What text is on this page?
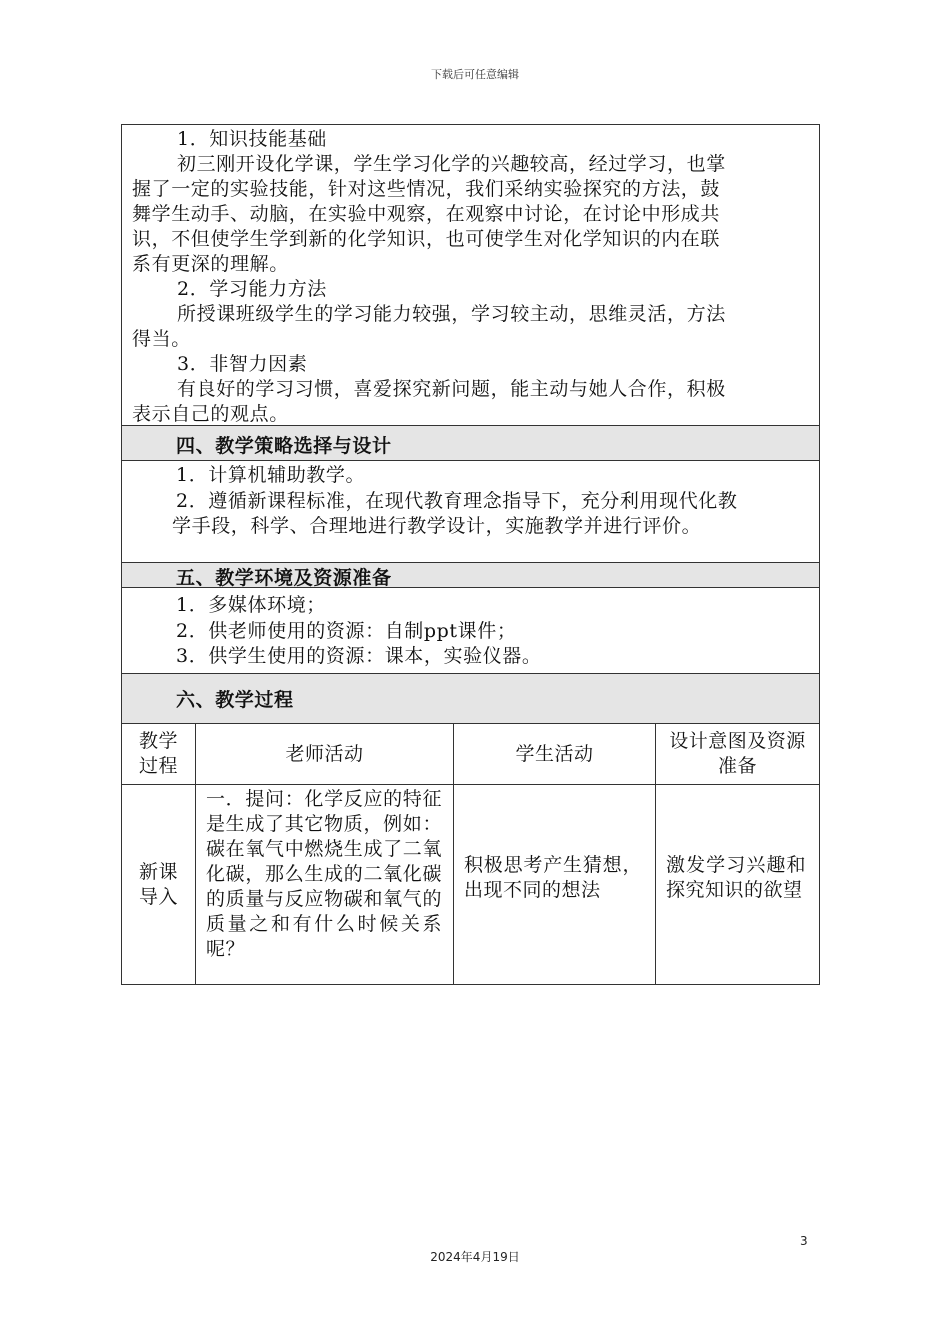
下载后可任意编辑
1．知识技能基础
初三刚开设化学课，学生学习化学的兴趣较高，经过学习，也掌
握了一定的实验技能，针对这些情况，我们采纳实验探究的方法，鼓
舞学生动手、动脑，在实验中观察，在观察中讨论，在讨论中形成共
识，不但使学生学到新的化学知识，也可使学生对化学知识的内在联
系有更深的理解。
2．学习能力方法
所授课班级学生的学习能力较强，学习较主动，思维灵活，方法
得当。
3．非智力因素
有良好的学习习惯，喜爱探究新问题，能主动与她人合作，积极
表示自己的观点。
四、教学策略选择与设计
1．计算机辅助教学。
2．遵循新课程标准，在现代教育理念指导下，充分利用现代化教
学手段，科学、合理地进行教学设计，实施教学并进行评价。
五、教学环境及资源准备
1．多媒体环境；
2．供老师使用的资源：自制ppt课件；
3．供学生使用的资源：课本，实验仪器。
六、教学过程
教学过程	老师活动	学生活动	设计意图及资源准备

新课导入	一．提问：化学反应的特征是生成了其它物质，例如：碳在氧气中燃烧生成了二氧化碳，那么生成的二氧化碳的质量与反应物碳和氧气的质量之和有什么时候关系呢？	积极思考产生猜想，出现不同的想法	激发学习兴趣和探究知识的欲望
3
2024年4月19日
